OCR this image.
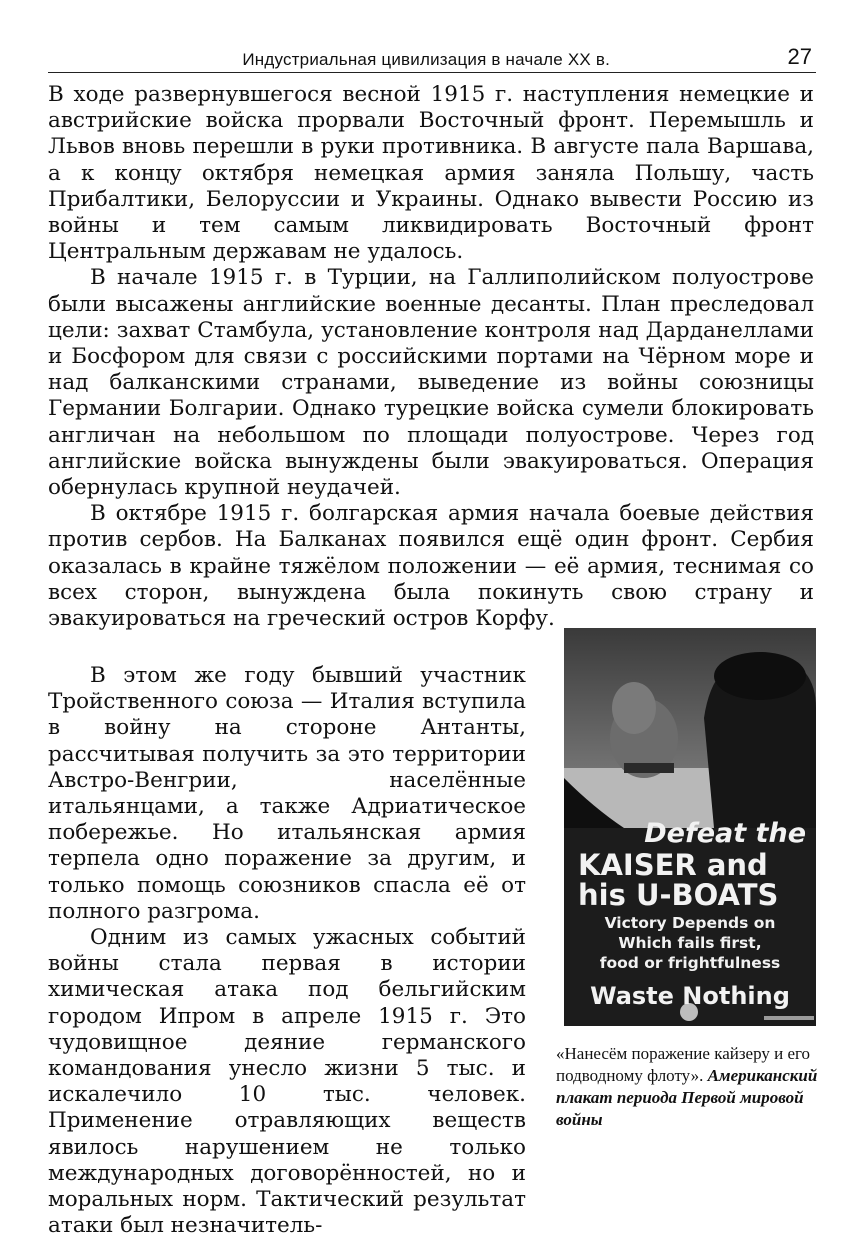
Индустриальная цивилизация в начале XX в.	27

В ходе развернувшегося весной 1915 г. наступления немецкие и австрийские войска прорвали Восточный фронт. Перемышль и Львов вновь перешли в руки противника. В августе пала Варшава, а к концу октября немецкая армия заняла Польшу, часть Прибалтики, Белоруссии и Украины. Однако вывести Россию из войны и тем самым ликвидировать Восточный фронт Центральным державам не удалось.

В начале 1915 г. в Турции, на Галлиполийском полуострове были высажены английские военные десанты. План преследовал цели: захват Стамбула, установление контроля над Дарданеллами и Босфором для связи с российскими портами на Чёрном море и над балканскими странами, выведение из войны союзницы Германии Болгарии. Однако турецкие войска сумели блокировать англичан на небольшом по площади полуострове. Через год английские войска вынуждены были эвакуироваться. Операция обернулась крупной неудачей.

В октябре 1915 г. болгарская армия начала боевые действия против сербов. На Балканах появился ещё один фронт. Сербия оказалась в крайне тяжёлом положении — её армия, теснимая со всех сторон, вынуждена была покинуть свою страну и эвакуироваться на греческий остров Корфу.

В этом же году бывший участник Тройственного союза — Италия вступила в войну на стороне Антанты, рассчитывая получить за это территории Австро-Венгрии, населённые итальянцами, а также Адриатическое побережье. Но итальянская армия терпела одно поражение за другим, и только помощь союзников спасла её от полного разгрома.

Одним из самых ужасных событий войны стала первая в истории химическая атака под бельгийским городом Ипром в апреле 1915 г. Это чудовищное деяние германского командования унесло жизни 5 тыс. и искалечило 10 тыс. человек. Применение отравляющих веществ явилось нарушением не только международных договорённостей, но и моральных норм. Тактический результат атаки был незначитель-

Defeat the
KAISER and
his U-BOATS
Victory Depends on
Which fails first,
food or frightfulness
Waste Nothing
«Нанесём поражение кайзеру и его подводному флоту». Американский плакат периода Первой мировой войны
